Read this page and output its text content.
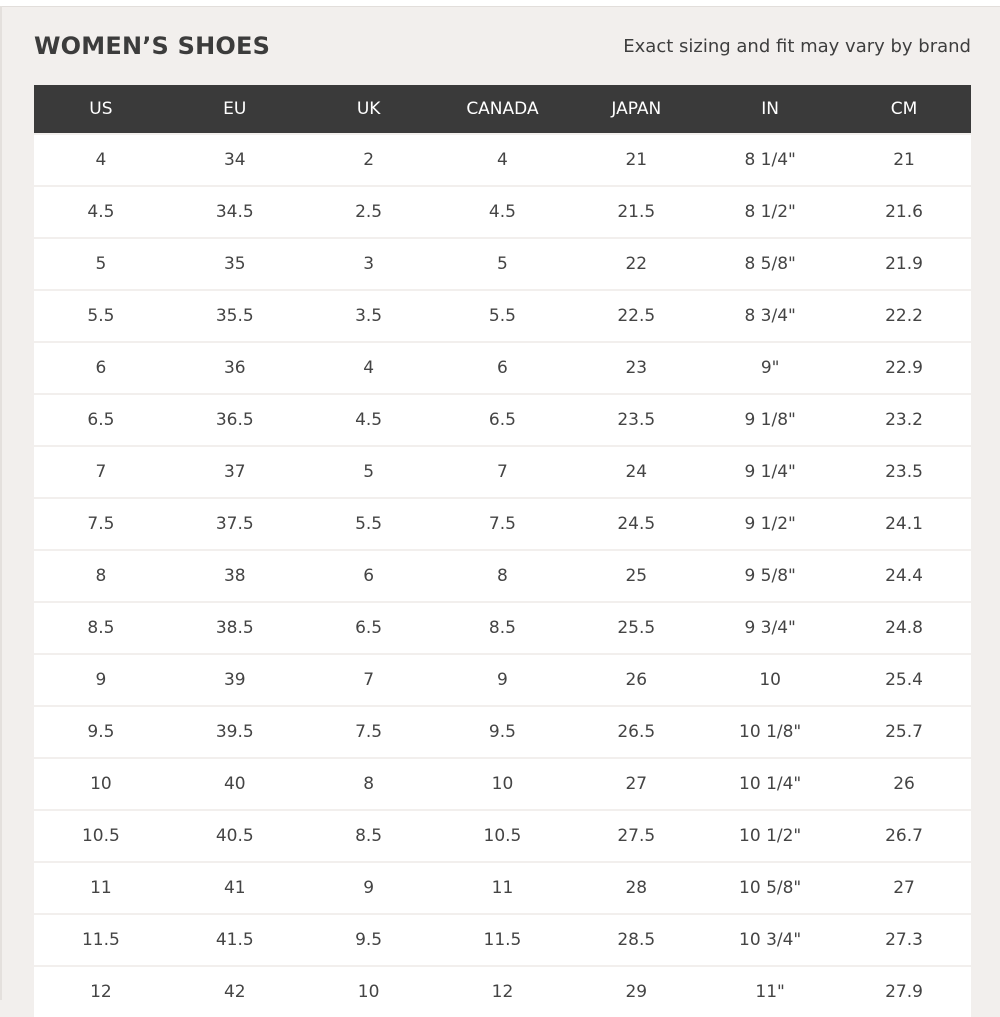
WOMEN’S SHOES	Exact sizing and fit may vary by brand
US	EU	UK	CANADA	JAPAN	IN	CM
4	34	2	4	21	8 1/4"	21
4.5	34.5	2.5	4.5	21.5	8 1/2"	21.6
5	35	3	5	22	8 5/8"	21.9
5.5	35.5	3.5	5.5	22.5	8 3/4"	22.2
6	36	4	6	23	9"	22.9
6.5	36.5	4.5	6.5	23.5	9 1/8"	23.2
7	37	5	7	24	9 1/4"	23.5
7.5	37.5	5.5	7.5	24.5	9 1/2"	24.1
8	38	6	8	25	9 5/8"	24.4
8.5	38.5	6.5	8.5	25.5	9 3/4"	24.8
9	39	7	9	26	10	25.4
9.5	39.5	7.5	9.5	26.5	10 1/8"	25.7
10	40	8	10	27	10 1/4"	26
10.5	40.5	8.5	10.5	27.5	10 1/2"	26.7
11	41	9	11	28	10 5/8"	27
11.5	41.5	9.5	11.5	28.5	10 3/4"	27.3
12	42	10	12	29	11"	27.9
